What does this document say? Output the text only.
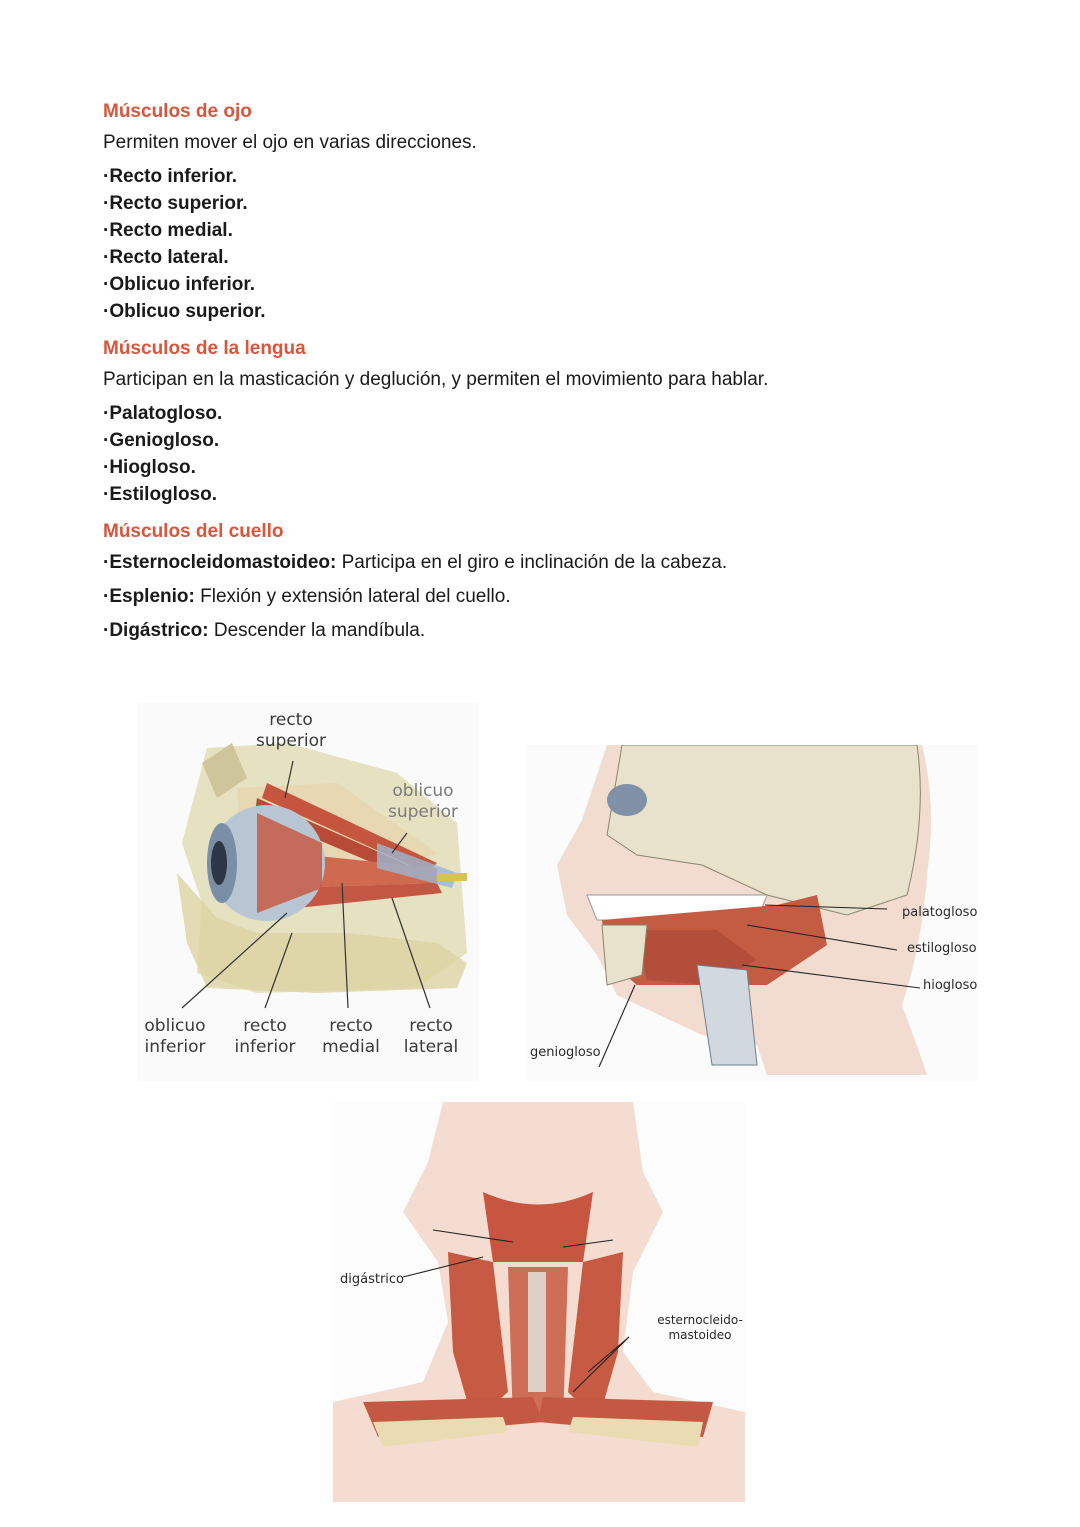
Músculos de ojo

Permiten mover el ojo en varias direcciones.

·Recto inferior.
·Recto superior.
·Recto medial.
·Recto lateral.
·Oblicuo inferior.
·Oblicuo superior.
Músculos de la lengua

Participan en la masticación y deglución, y permiten el movimiento para hablar.

·Palatogloso.
·Geniogloso.
·Hiogloso.
·Estilogloso.
Músculos del cuello
·Esternocleidomastoideo: Participa en el giro e inclinación de la cabeza.
·Esplenio: Flexión y extensión lateral del cuello.
·Digástrico: Descender la mandíbula.
recto
superior
oblicuo
superior
oblicuo
inferior
recto
inferior
recto
medial
recto
lateral
palatogloso
estilogloso
hiogloso
geniogloso
digástrico
esternocleido-
mastoideo
